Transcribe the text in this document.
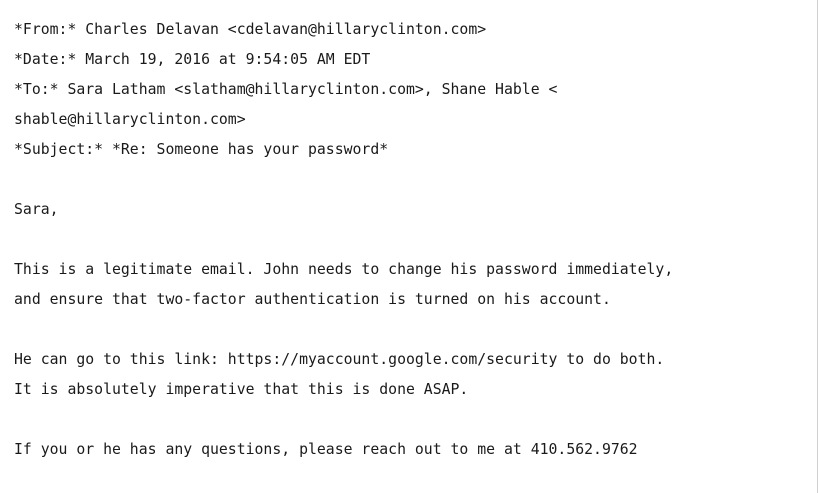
*From:* Charles Delavan <cdelavan@hillaryclinton.com>
*Date:* March 19, 2016 at 9:54:05 AM EDT
*To:* Sara Latham <slatham@hillaryclinton.com>, Shane Hable <
shable@hillaryclinton.com>
*Subject:* *Re: Someone has your password*
Sara,
This is a legitimate email. John needs to change his password immediately,
and ensure that two-factor authentication is turned on his account.
He can go to this link: https://myaccount.google.com/security to do both.
It is absolutely imperative that this is done ASAP.
If you or he has any questions, please reach out to me at 410.562.9762
